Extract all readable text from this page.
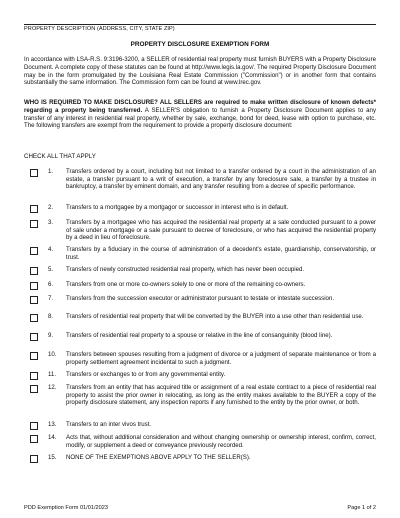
PROPERTY DESCRIPTION (ADDRESS, CITY, STATE ZIP)
PROPERTY DISCLOSURE EXEMPTION FORM
In accordance with LSA-R.S. 9:3196-3200, a SELLER of residential real property must furnish BUYERS with a Property Disclosure Document. A complete copy of these statutes can be found at http://www.legis.la.gov/. The required Property Disclosure Document may be in the form promulgated by the Louisiana Real Estate Commission ("Commission") or in another form that contains substantially the same information. The Commission form can be found at www.lrec.gov.
WHO IS REQUIRED TO MAKE DISCLOSURE? ALL SELLERS are required to make written disclosure of known defects* regarding a property being transferred. A SELLER'S obligation to furnish a Property Disclosure Document applies to any transfer of any interest in residential real property, whether by sale, exchange, bond for deed, lease with option to purchase, etc. The following transfers are exempt from the requirement to provide a property disclosure document:
CHECK ALL THAT APPLY
1.	Transfers ordered by a court, including but not limited to a transfer ordered by a court in the administration of an estate, a transfer pursuant to a writ of execution, a transfer by any foreclosure sale, a transfer by a trustee in bankruptcy, a transfer by eminent domain, and any transfer resulting from a decree of specific performance.
2.	Transfers to a mortgagee by a mortgagor or successor in interest who is in default.
3.	Transfers by a mortgagee who has acquired the residential real property at a sale conducted pursuant to a power of sale under a mortgage or a sale pursuant to decree of foreclosure, or who has acquired the residential property by a deed in lieu of foreclosure.
4.	Transfers by a fiduciary in the course of administration of a decedent's estate, guardianship, conservatorship, or trust.
5.	Transfers of newly constructed residential real property, which has never been occupied.
6.	Transfers from one or more co-owners solely to one or more of the remaining co-owners.
7.	Transfers from the succession executor or administrator pursuant to testate or intestate succession.
8.	Transfers of residential real property that will be converted by the BUYER into a use other than residential use.
9.	Transfers of residential real property to a spouse or relative in the line of consanguinity (blood line).
10.	Transfers between spouses resulting from a judgment of divorce or a judgment of separate maintenance or from a property settlement agreement incidental to such a judgment.
11.	Transfers or exchanges to or from any governmental entity.
12.	Transfers from an entity that has acquired title or assignment of a real estate contract to a piece of residential real property to assist the prior owner in relocating, as long as the entity makes available to the BUYER a copy of the property disclosure statement, any inspection reports if any furnished to the entity by the prior owner, or both.
13.	Transfers to an inter vivos trust.
14.	Acts that, without additional consideration and without changing ownership or ownership interest, confirm, correct, modify, or supplement a deed or conveyance previously recorded.
15.	NONE OF THE EXEMPTIONS ABOVE APPLY TO THE SELLER(S).
PDD Exemption Form 01/01/2023	Page 1 of 2
